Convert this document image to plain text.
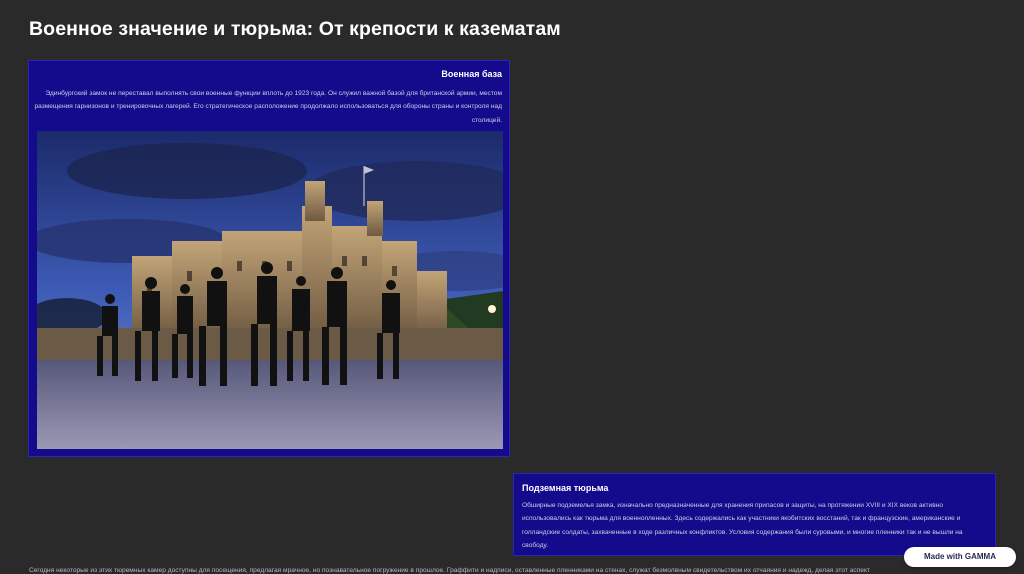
Военное значение и тюрьма: От крепости к казематам
Военная база
Эдинбургский замок не переставал выполнять свои военные функции вплоть до 1923 года. Он служил важной базой для британской армии, местом размещения гарнизонов и тренировочных лагерей. Его стратегическое расположение продолжало использоваться для обороны страны и контроля над столицей.
Подземная тюрьма
Обширные подземелья замка, изначально предназначенные для хранения припасов и защиты, на протяжении XVIII и XIX веков активно использовались как тюрьма для военнопленных. Здесь содержались как участники якобитских восстаний, так и французские, американские и голландские солдаты, захваченные в ходе различных конфликтов. Условия содержания были суровыми, и многие пленники так и не вышли на свободу.
Сегодня некоторые из этих тюремных камер доступны для посещения, предлагая мрачное, но познавательное погружение в прошлое. Граффити и надписи, оставленные пленниками на стенах, служат безмолвным свидетельством их отчаяния и надежд, делая этот аспект
Made with GAMMA
